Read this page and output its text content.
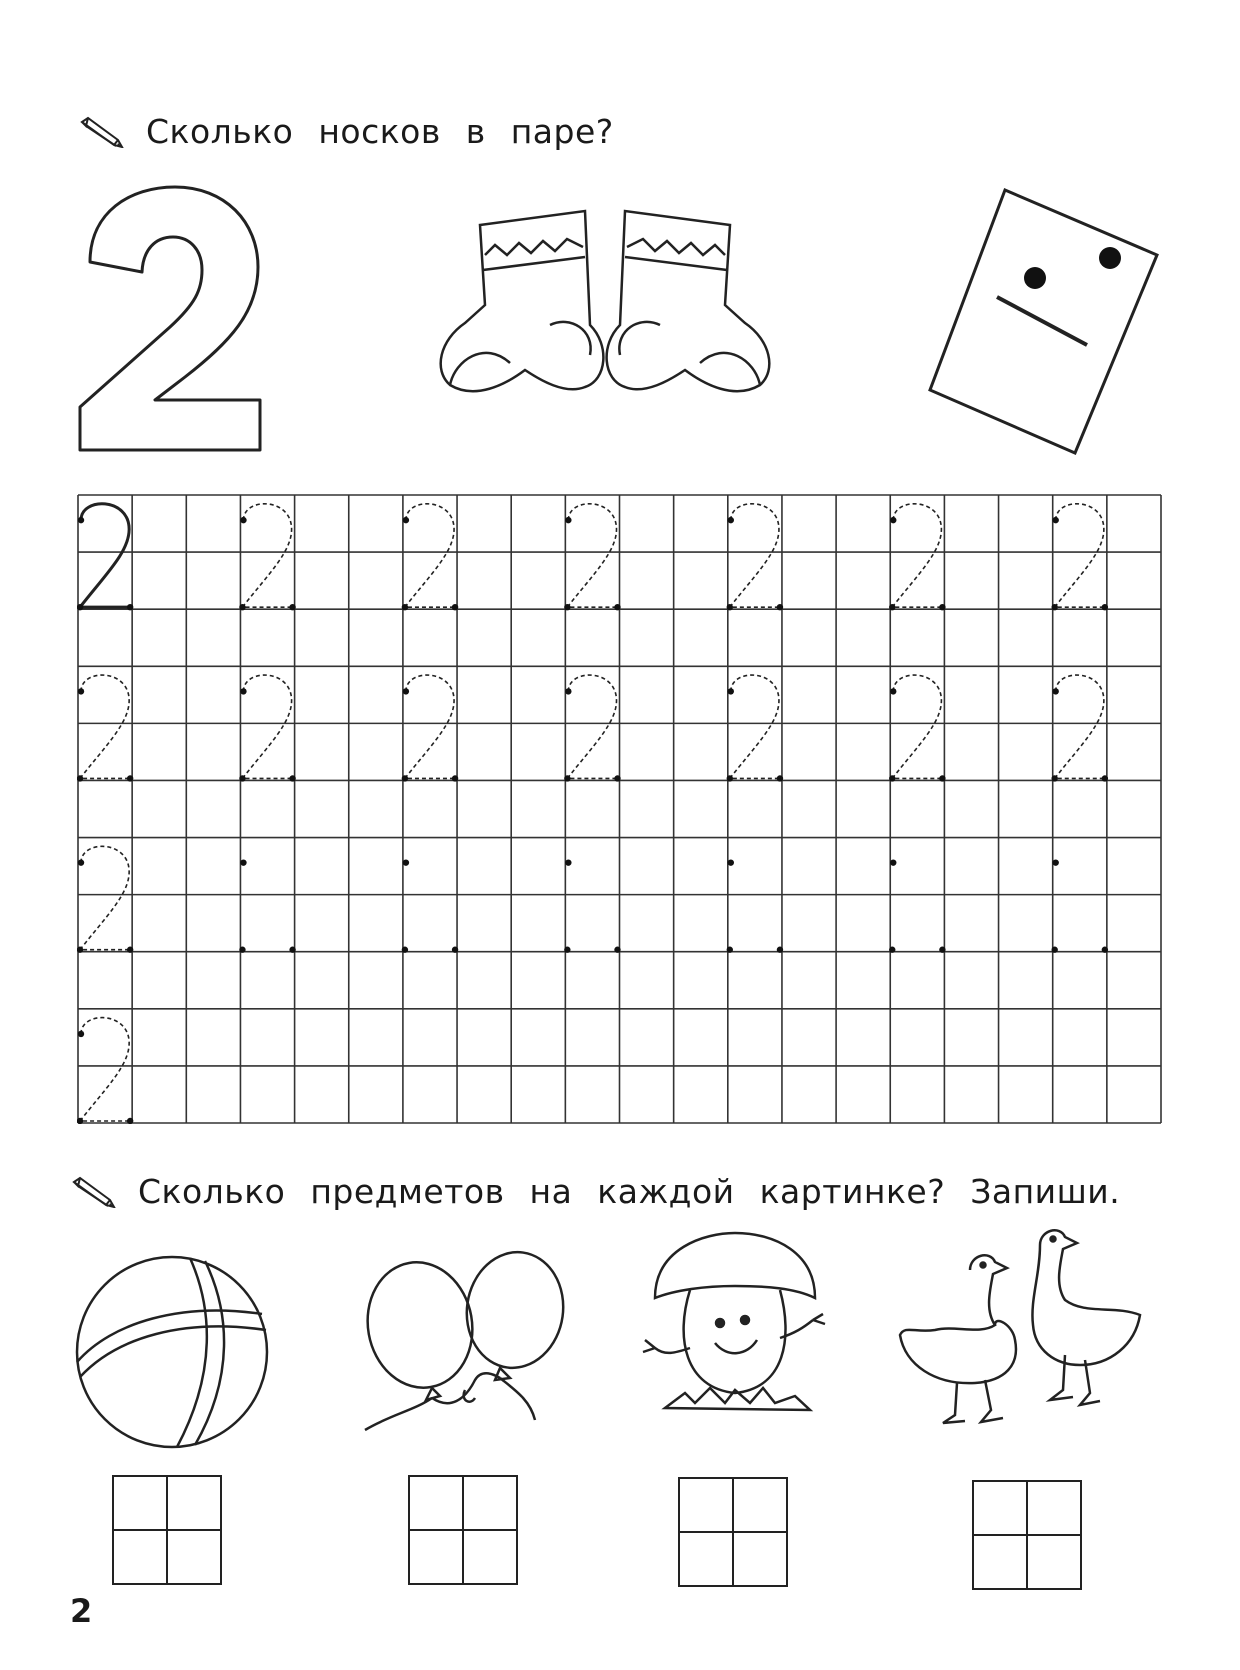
Сколько носков в паре?
Сколько предметов на каждой картинке? Запиши.
2
